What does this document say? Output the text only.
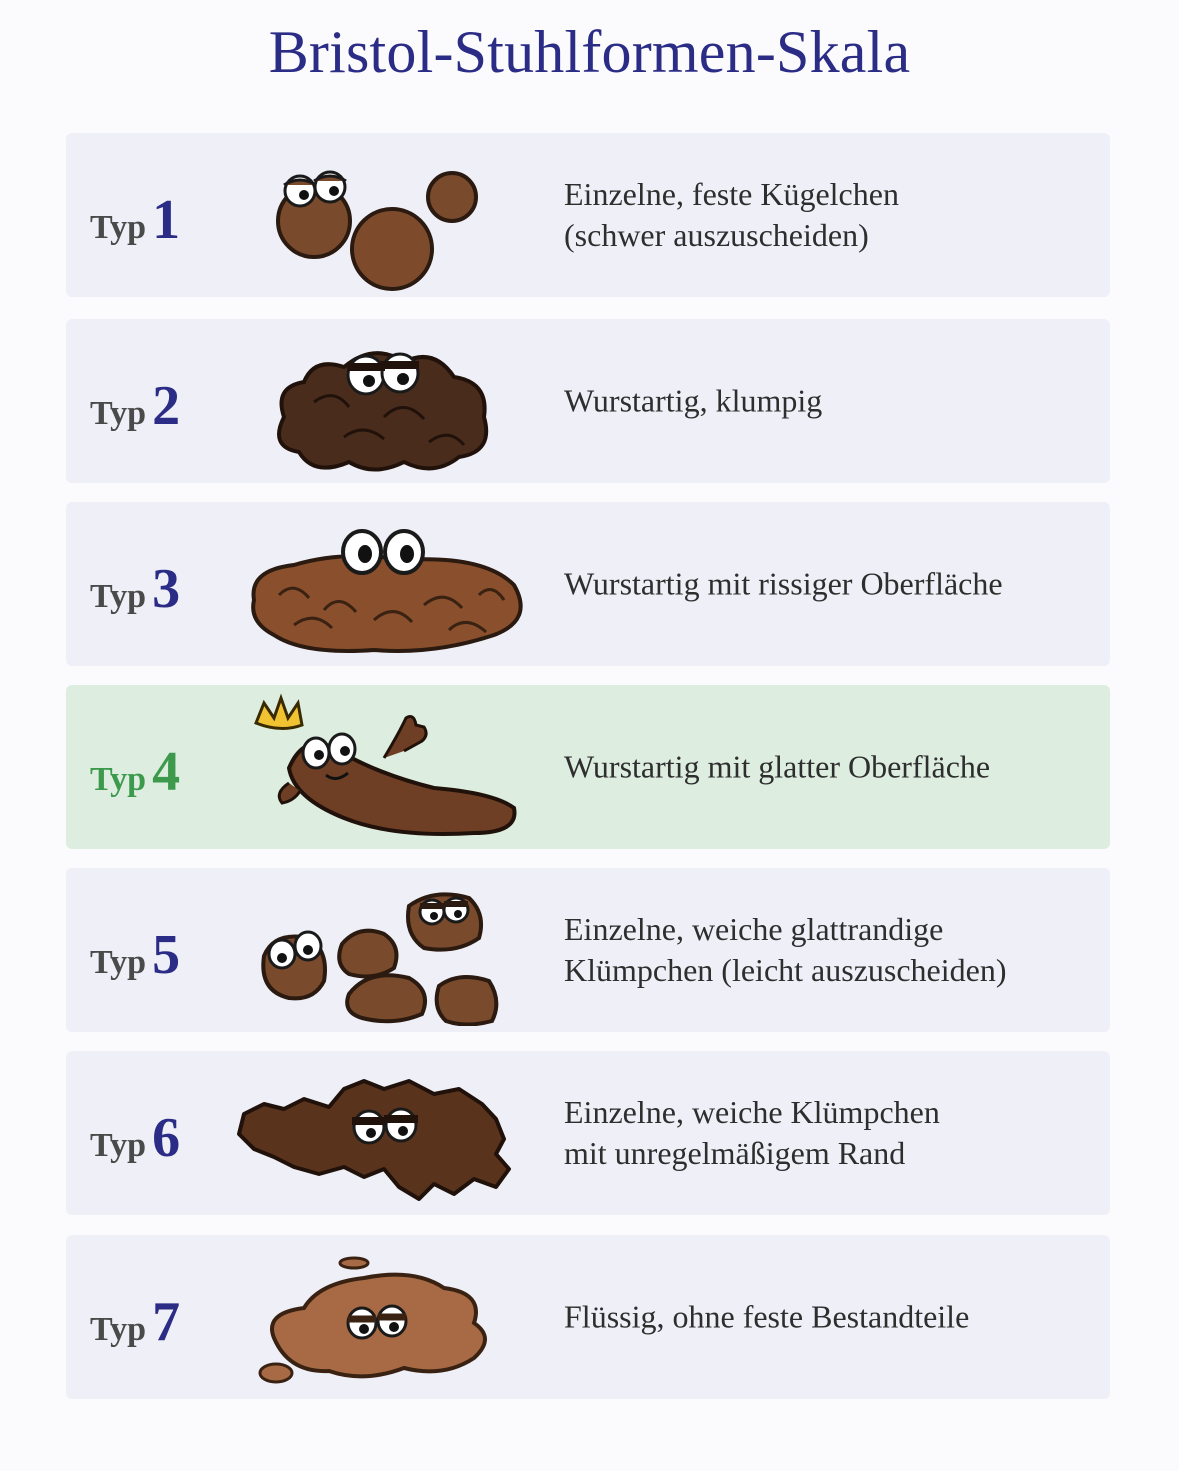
Bristol-Stuhlformen-Skala
Typ 1	Einzelne, feste Kügelchen
(schwer auszuscheiden)
Typ 2	Wurstartig, klumpig
Typ 3	Wurstartig mit rissiger Oberfläche
Typ 4	Wurstartig mit glatter Oberfläche
Typ 5	Einzelne, weiche glattrandige
Klümpchen (leicht auszuscheiden)
Typ 6	Einzelne, weiche Klümpchen
mit unregelmäßigem Rand
Typ 7	Flüssig, ohne feste Bestandteile
